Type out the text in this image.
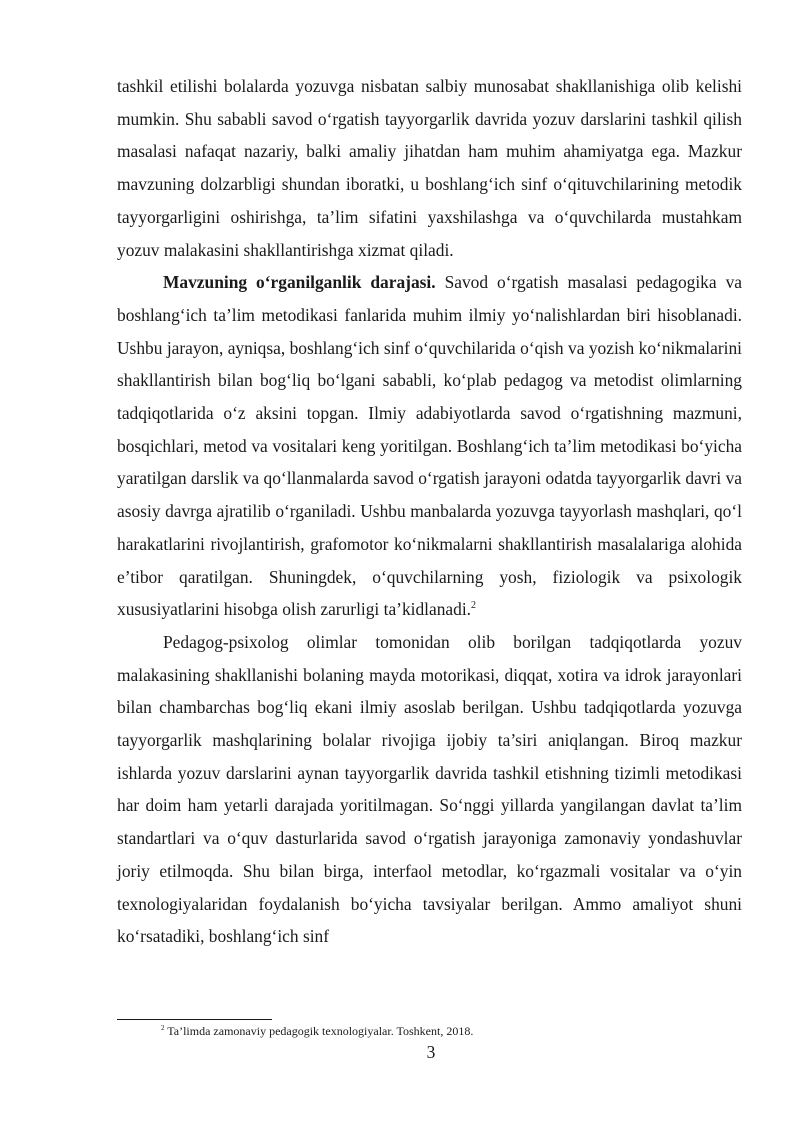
tashkil etilishi bolalarda yozuvga nisbatan salbiy munosabat shakllanishiga olib kelishi mumkin. Shu sababli savod o‘rgatish tayyorgarlik davrida yozuv darslarini tashkil qilish masalasi nafaqat nazariy, balki amaliy jihatdan ham muhim ahamiyatga ega. Mazkur mavzuning dolzarbligi shundan iboratki, u boshlang‘ich sinf o‘qituvchilarining metodik tayyorgarligini oshirishga, ta’lim sifatini yaxshilashga va o‘quvchilarda mustahkam yozuv malakasini shakllantirishga xizmat qiladi.

Mavzuning o‘rganilganlik darajasi. Savod o‘rgatish masalasi pedagogika va boshlang‘ich ta’lim metodikasi fanlarida muhim ilmiy yo‘nalishlardan biri hisoblanadi. Ushbu jarayon, ayniqsa, boshlang‘ich sinf o‘quvchilarida o‘qish va yozish ko‘nikmalarini shakllantirish bilan bog‘liq bo‘lgani sababli, ko‘plab pedagog va metodist olimlarning tadqiqotlarida o‘z aksini topgan. Ilmiy adabiyotlarda savod o‘rgatishning mazmuni, bosqichlari, metod va vositalari keng yoritilgan. Boshlang‘ich ta’lim metodikasi bo‘yicha yaratilgan darslik va qo‘llanmalarda savod o‘rgatish jarayoni odatda tayyorgarlik davri va asosiy davrga ajratilib o‘rganiladi. Ushbu manbalarda yozuvga tayyorlash mashqlari, qo‘l harakatlarini rivojlantirish, grafomotor ko‘nikmalarni shakllantirish masalalariga alohida e’tibor qaratilgan. Shuningdek, o‘quvchilarning yosh, fiziologik va psixologik xususiyatlarini hisobga olish zarurligi ta’kidlanadi.$^2$

Pedagog-psixolog olimlar tomonidan olib borilgan tadqiqotlarda yozuv malakasining shakllanishi bolaning mayda motorikasi, diqqat, xotira va idrok jarayonlari bilan chambarchas bog‘liq ekani ilmiy asoslab berilgan. Ushbu tadqiqotlarda yozuvga tayyorgarlik mashqlarining bolalar rivojiga ijobiy ta’siri aniqlangan. Biroq mazkur ishlarda yozuv darslarini aynan tayyorgarlik davrida tashkil etishning tizimli metodikasi har doim ham yetarli darajada yoritilmagan. So‘nggi yillarda yangilangan davlat ta’lim standartlari va o‘quv dasturlarida savod o‘rgatish jarayoniga zamonaviy yondashuvlar joriy etilmoqda. Shu bilan birga, interfaol metodlar, ko‘rgazmali vositalar va o‘yin texnologiyalaridan foydalanish bo‘yicha tavsiyalar berilgan. Ammo amaliyot shuni ko‘rsatadiki, boshlang‘ich sinf

$^2$ Ta’limda zamonaviy pedagogik texnologiyalar. Toshkent, 2018.
3
